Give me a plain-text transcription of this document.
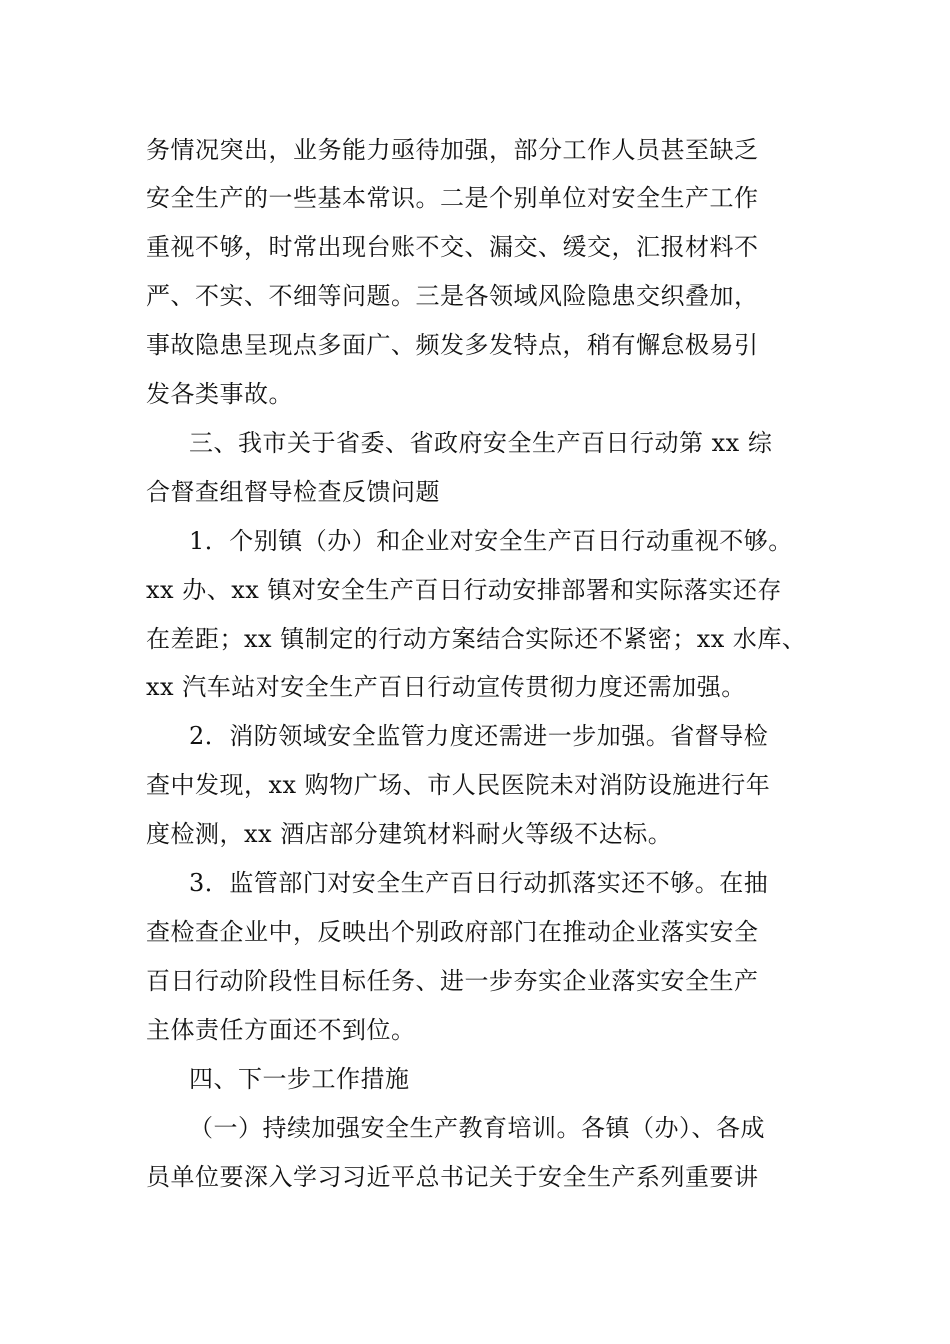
务情况突出，业务能力亟待加强，部分工作人员甚至缺乏
安全生产的一些基本常识。二是个别单位对安全生产工作
重视不够，时常出现台账不交、漏交、缓交，汇报材料不
严、不实、不细等问题。三是各领域风险隐患交织叠加，
事故隐患呈现点多面广、频发多发特点，稍有懈怠极易引
发各类事故。
三、我市关于省委、省政府安全生产百日行动第 xx 综
合督查组督导检查反馈问题
1．个别镇（办）和企业对安全生产百日行动重视不够。
xx 办、xx 镇对安全生产百日行动安排部署和实际落实还存
在差距；xx 镇制定的行动方案结合实际还不紧密；xx 水库、
xx 汽车站对安全生产百日行动宣传贯彻力度还需加强。
2．消防领域安全监管力度还需进一步加强。省督导检
查中发现，xx 购物广场、市人民医院未对消防设施进行年
度检测，xx 酒店部分建筑材料耐火等级不达标。
3．监管部门对安全生产百日行动抓落实还不够。在抽
查检查企业中，反映出个别政府部门在推动企业落实安全
百日行动阶段性目标任务、进一步夯实企业落实安全生产
主体责任方面还不到位。
四、下一步工作措施
（一）持续加强安全生产教育培训。各镇（办）、各成
员单位要深入学习习近平总书记关于安全生产系列重要讲
